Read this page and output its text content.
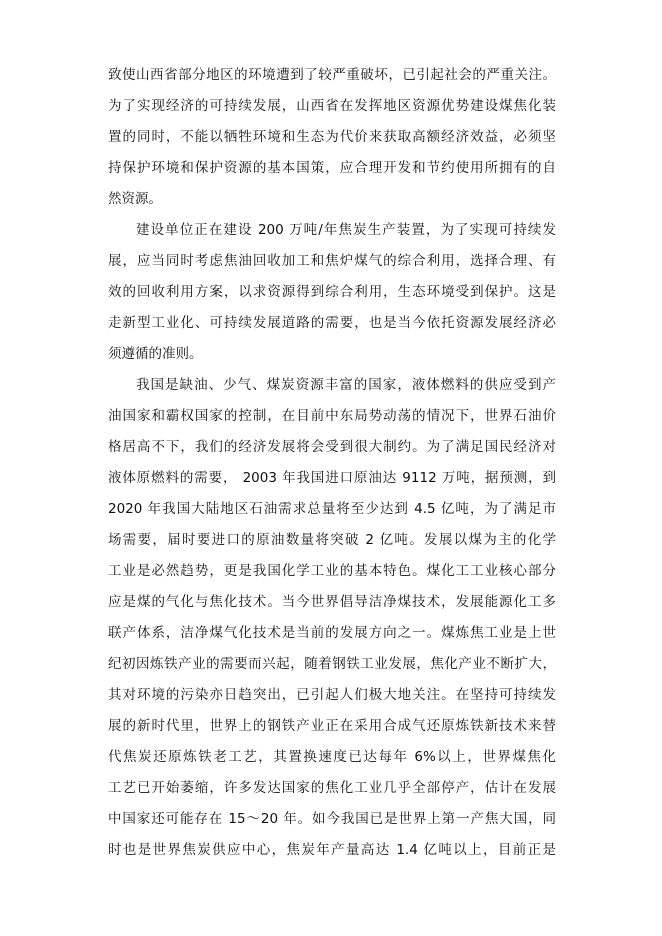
致使山西省部分地区的环境遭到了较严重破坏，已引起社会的严重关注。
为了实现经济的可持续发展，山西省在发挥地区资源优势建设煤焦化装
置的同时，不能以牺牲环境和生态为代价来获取高额经济效益，必须坚
持保护环境和保护资源的基本国策，应合理开发和节约使用所拥有的自
然资源。
建设单位正在建设 200 万吨/年焦炭生产装置，为了实现可持续发
展，应当同时考虑焦油回收加工和焦炉煤气的综合利用，选择合理、有
效的回收利用方案，以求资源得到综合利用，生态环境受到保护。这是
走新型工业化、可持续发展道路的需要，也是当今依托资源发展经济必
须遵循的准则。
我国是缺油、少气、煤炭资源丰富的国家，液体燃料的供应受到产
油国家和霸权国家的控制，在目前中东局势动荡的情况下，世界石油价
格居高不下，我们的经济发展将会受到很大制约。为了满足国民经济对
液体原燃料的需要， 2003 年我国进口原油达 9112 万吨，据预测，到
2020 年我国大陆地区石油需求总量将至少达到 4.5 亿吨，为了满足市
场需要，届时要进口的原油数量将突破 2 亿吨。发展以煤为主的化学
工业是必然趋势，更是我国化学工业的基本特色。煤化工工业核心部分
应是煤的气化与焦化技术。当今世界倡导洁净煤技术，发展能源化工多
联产体系，洁净煤气化技术是当前的发展方向之一。煤炼焦工业是上世
纪初因炼铁产业的需要而兴起，随着钢铁工业发展，焦化产业不断扩大，
其对环境的污染亦日趋突出，已引起人们极大地关注。在坚持可持续发
展的新时代里，世界上的钢铁产业正在采用合成气还原炼铁新技术来替
代焦炭还原炼铁老工艺，其置换速度已达每年 6%以上，世界煤焦化
工艺已开始萎缩，许多发达国家的焦化工业几乎全部停产，估计在发展
中国家还可能存在 15～20 年。如今我国已是世界上第一产焦大国，同
时也是世界焦炭供应中心，焦炭年产量高达 1.4 亿吨以上，目前正是
